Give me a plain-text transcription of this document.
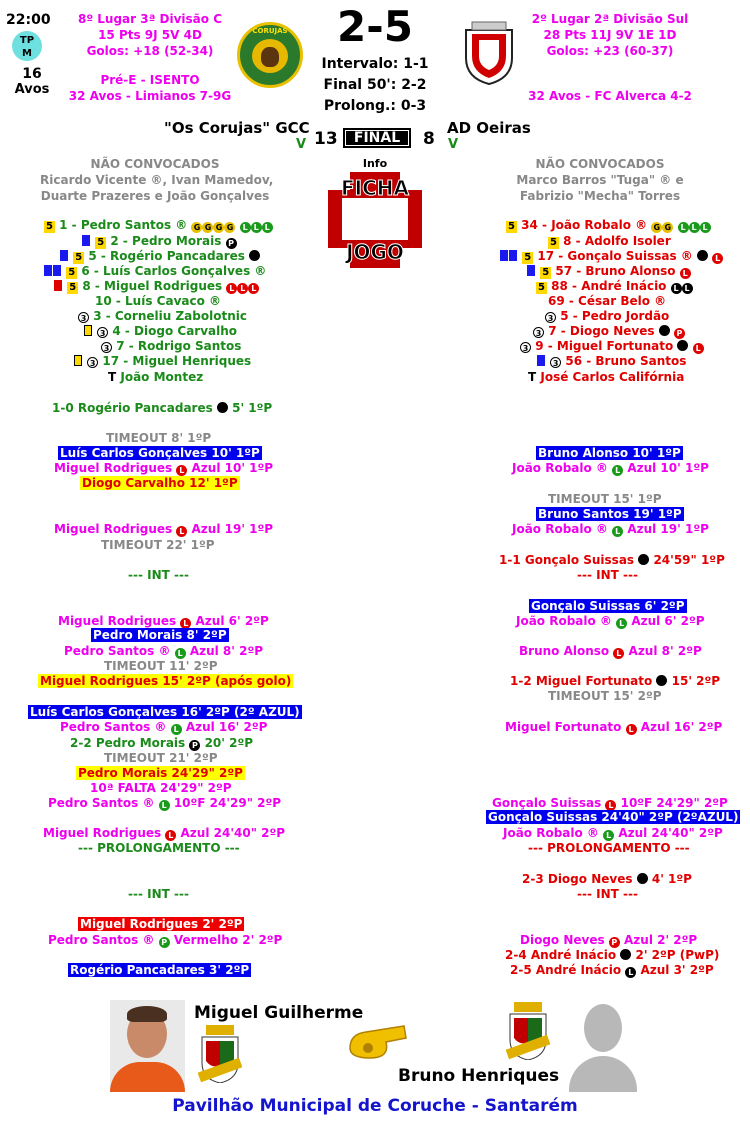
22:00
TP M
16
Avos
8º Lugar 3ª Divisão C
15 Pts 9J 5V 4D
Golos: +18 (52-34)
Pré-E - ISENTO
32 Avos - Limianos 7-9G
CORUJAS	2-5
Intervalo: 1-1
Final 50': 2-2
Prolong.: 0-3
2º Lugar 2ª Divisão Sul
28 Pts 11J 9V 1E 1D
Golos: +23 (60-37)
32 Avos - FC Alverca 4-2
"Os Corujas" GCC
V 13	FINAL	8
AD Oeiras
V
NÃO CONVOCADOS
Ricardo Vicente ®, Ivan Mamedov,
Duarte Prazeres e João Gonçalves
NÃO CONVOCADOS
Marco Barros "Tuga" ® e
Fabrizio "Mecha" Torres
Info
FICHA
JOGO
5 1 - Pedro Santos ® G G G G L L L
5 2 - Pedro Morais P
5 5 - Rogério Pancadares
5 6 - Luís Carlos Gonçalves ®
5 8 - Miguel Rodrigues L L L
10 - Luís Cavaco ®
3 3 - Corneliu Zabolotnic
3 4 - Diogo Carvalho
3 7 - Rodrigo Santos
3 17 - Miguel Henriques
T João Montez
5 34 - João Robalo ® G G L L L
5 8 - Adolfo Isoler
5 17 - Gonçalo Suissas ®	L
5 57 - Bruno Alonso L
5 88 - André Inácio L L
69 - César Belo ®
3 5 - Pedro Jordão
3 7 - Diogo Neves	P
3 9 - Miguel Fortunato	L
3 56 - Bruno Santos
T José Carlos Califórnia
1-0 Rogério Pancadares 5' 1ºP
TIMEOUT 8' 1ºP
Luís Carlos Gonçalves 10' 1ºP
Miguel Rodrigues L Azul 10' 1ºP
Diogo Carvalho 12' 1ºP
Miguel Rodrigues L Azul 19' 1ºP
TIMEOUT 22' 1ºP
--- INT ---
Miguel Rodrigues L Azul 6' 2ºP
Pedro Morais 8' 2ºP
Pedro Santos ® L Azul 8' 2ºP
TIMEOUT 11' 2ºP
Miguel Rodrigues 15' 2ºP (após golo)
Luís Carlos Gonçalves 16' 2ºP (2º AZUL)
Pedro Santos ® L Azul 16' 2ºP
2-2 Pedro Morais P 20' 2ºP
TIMEOUT 21' 2ºP
Pedro Morais 24'29" 2ºP
10ª FALTA 24'29" 2ºP
Pedro Santos ® L 10ºF 24'29" 2ºP
Miguel Rodrigues L Azul 24'40" 2ºP
--- PROLONGAMENTO ---
--- INT ---
Miguel Rodrigues 2' 2ºP
Pedro Santos ® P Vermelho 2' 2ºP
Rogério Pancadares 3' 2ºP
Bruno Alonso 10' 1ºP
João Robalo ® L Azul 10' 1ºP
TIMEOUT 15' 1ºP
Bruno Santos 19' 1ºP
João Robalo ® L Azul 19' 1ºP
1-1 Gonçalo Suissas 24'59" 1ºP
--- INT ---
Gonçalo Suissas 6' 2ºP
João Robalo ® L Azul 6' 2ºP
Bruno Alonso L Azul 8' 2ºP
1-2 Miguel Fortunato 15' 2ºP
TIMEOUT 15' 2ºP
Miguel Fortunato L Azul 16' 2ºP
Gonçalo Suissas L 10ºF 24'29" 2ºP
Gonçalo Suissas 24'40" 2ºP (2ºAZUL)
João Robalo ® L Azul 24'40" 2ºP
--- PROLONGAMENTO ---
2-3 Diogo Neves 4' 1ºP
--- INT ---
Diogo Neves P Azul 2' 2ºP
2-4 André Inácio 2' 2ºP (PwP)
2-5 André Inácio L Azul 3' 2ºP
Miguel Guilherme
Bruno Henriques
Pavilhão Municipal de Coruche - Santarém
